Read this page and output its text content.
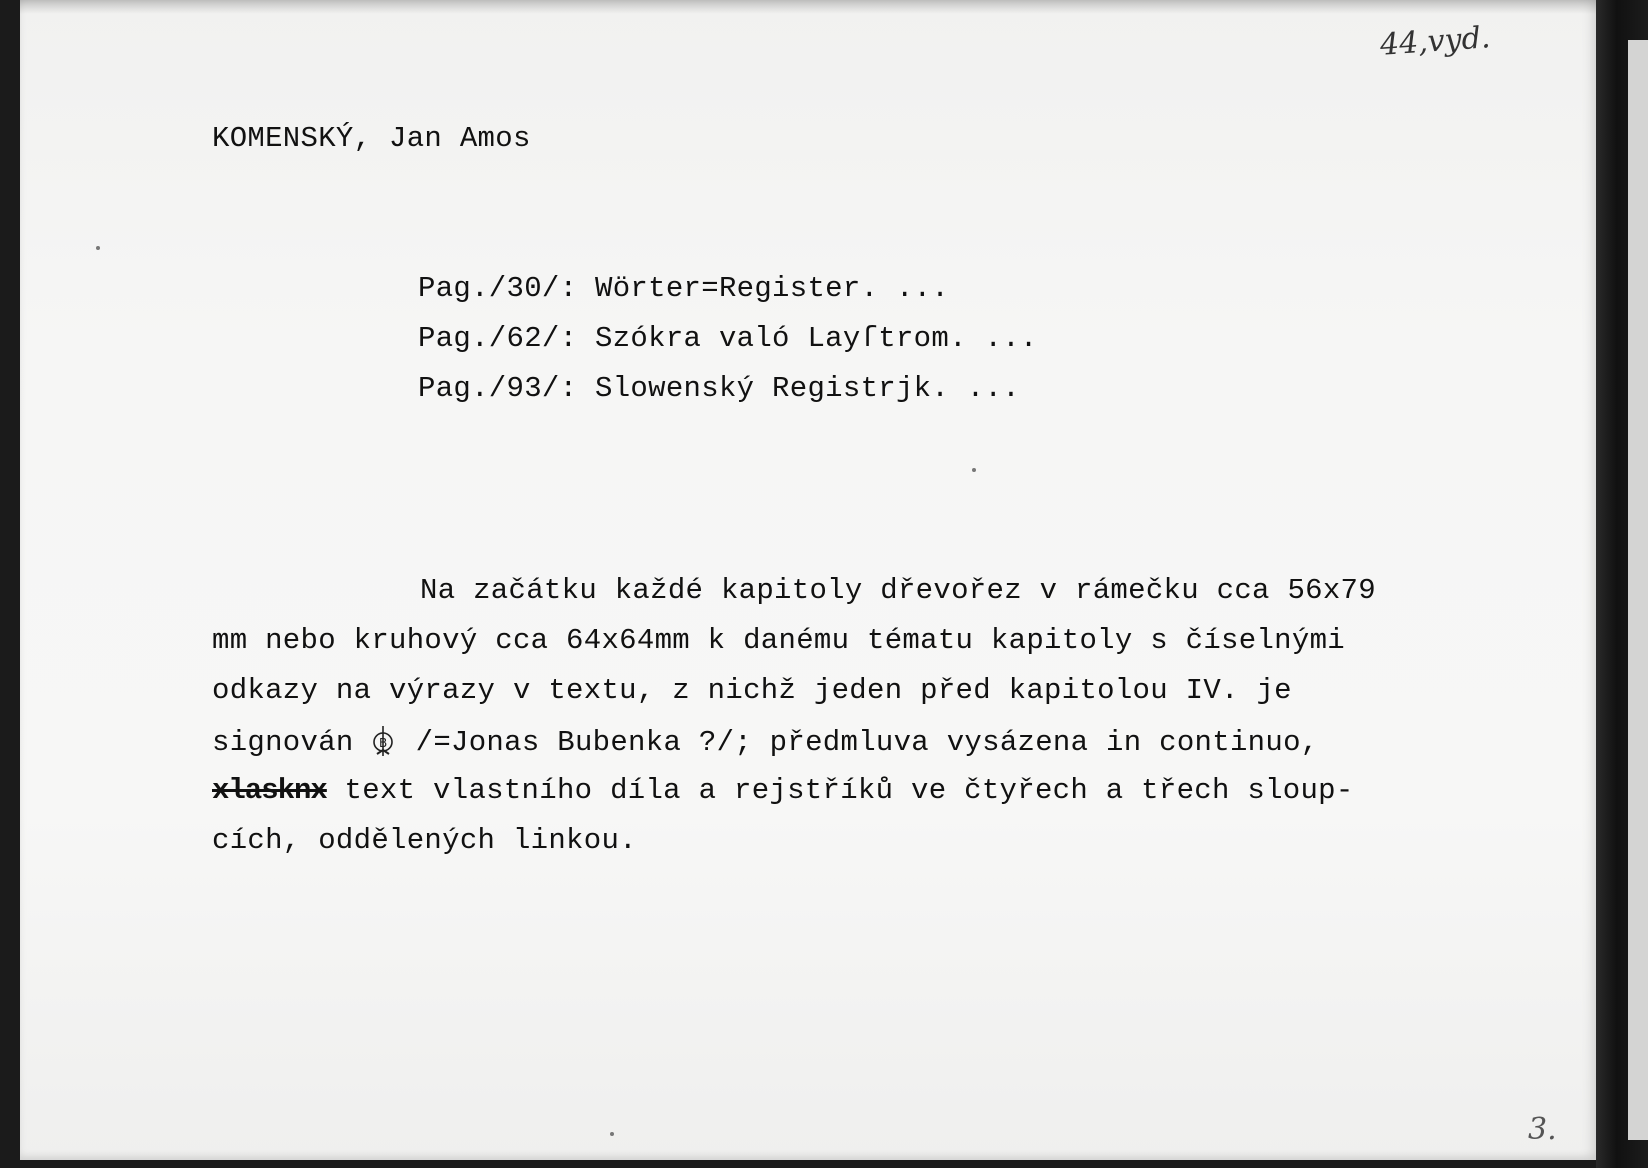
44,vyd.
KOMENSKÝ, Jan Amos
Pag./30/: Wörter=Register. ...
Pag./62/: Szókra való Layſtrom. ...
Pag./93/: Slowenský Registrjk. ...
Na začátku každé kapitoly dřevořez v rámečku cca 56x79
mm nebo kruhový cca 64x64mm k danému tématu kapitoly s číselnými
odkazy na výrazy v textu, z nichž jeden před kapitolou IV. je
signován B /=Jonas Bubenka ?/; předmluva vysázena in continuo,
xlasknx text vlastního díla a rejstříků ve čtyřech a třech sloup-
cích, oddělených linkou.
3.
